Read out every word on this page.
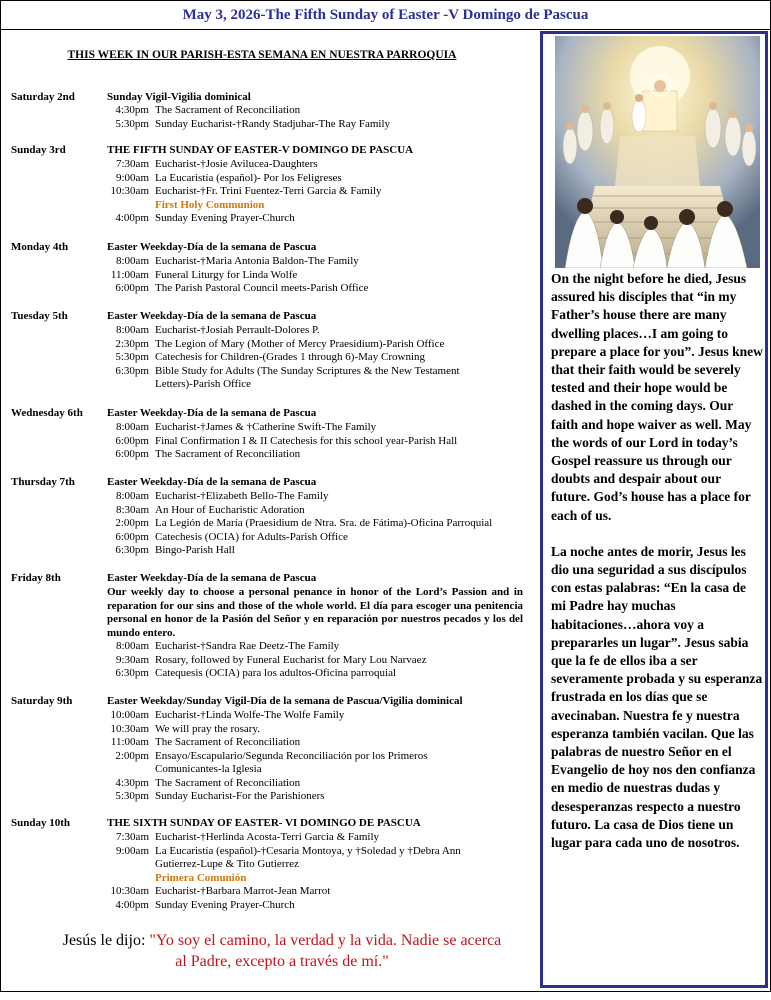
May 3, 2026-The Fifth Sunday of Easter -V Domingo de Pascua
THIS WEEK IN OUR PARISH-ESTA SEMANA EN NUESTRA PARROQUIA
Saturday 2nd	Sunday Vigil-Vigilia dominical
4:30pm The Sacrament of Reconciliation
5:30pm Sunday Eucharist-†Randy Stadjuhar-The Ray Family
Sunday 3rd	THE FIFTH SUNDAY OF EASTER-V DOMINGO DE PASCUA
7:30am Eucharist-†Josie Avilucea-Daughters
9:00am La Eucaristía (español)- Por los Feligreses
10:30am Eucharist-†Fr. Trini Fuentez-Terri Garcia & Family
First Holy Communion
4:00pm Sunday Evening Prayer-Church
Monday 4th	Easter Weekday-Día de la semana de Pascua
8:00am Eucharist-†Maria Antonia Baldon-The Family
11:00am Funeral Liturgy for Linda Wolfe
6:00pm The Parish Pastoral Council meets-Parish Office
Tuesday 5th	Easter Weekday-Día de la semana de Pascua
8:00am Eucharist-†Josiah Perrault-Dolores P.
2:30pm The Legion of Mary (Mother of Mercy Praesidium)-Parish Office
5:30pm Catechesis for Children-(Grades 1 through 6)-May Crowning
6:30pm Bible Study for Adults (The Sunday Scriptures & the New Testament
Letters)-Parish Office
Wednesday 6th	Easter Weekday-Día de la semana de Pascua
8:00am Eucharist-†James & †Catherine Swift-The Family
6:00pm Final Confirmation I & II Catechesis for this school year-Parish Hall
6:00pm The Sacrament of Reconciliation
Thursday 7th	Easter Weekday-Día de la semana de Pascua
8:00am Eucharist-†Elizabeth Bello-The Family
8:30am An Hour of Eucharistic Adoration
2:00pm La Legión de María (Praesidium de Ntra. Sra. de Fátima)-Oficina Parroquial
6:00pm Catechesis (OCIA) for Adults-Parish Office
6:30pm Bingo-Parish Hall
Friday 8th	Easter Weekday-Día de la semana de Pascua
Our weekly day to choose a personal penance in honor of the Lord’s Passion and in reparation for our sins and those of the whole world. El día para escoger una penitencia personal en honor de la Pasión del Señor y en reparación por nuestros pecados y los del mundo entero.
8:00am Eucharist-†Sandra Rae Deetz-The Family
9:30am Rosary, followed by Funeral Eucharist for Mary Lou Narvaez
6:30pm Catequesis (OCIA) para los adultos-Oficina parroquial
Saturday 9th	Easter Weekday/Sunday Vigil-Día de la semana de Pascua/Vigilia dominical
10:00am Eucharist-†Linda Wolfe-The Wolfe Family
10:30am We will pray the rosary.
11:00am The Sacrament of Reconciliation
2:00pm Ensayo/Escapulario/Segunda Reconciliación por los Primeros
Comunicantes-la Iglesia
4:30pm The Sacrament of Reconciliation
5:30pm Sunday Eucharist-For the Parishioners
Sunday 10th	THE SIXTH SUNDAY OF EASTER- VI DOMINGO DE PASCUA
7:30am Eucharist-†Herlinda Acosta-Terri Garcia & Family
9:00am La Eucaristía (español)-†Cesaria Montoya, y †Soledad y †Debra Ann
Gutierrez-Lupe & Tito Gutierrez
Primera Comunión
10:30am Eucharist-†Barbara Marrot-Jean Marrot
4:00pm Sunday Evening Prayer-Church
Jesús le dijo: "Yo soy el camino, la verdad y la vida. Nadie se acerca al Padre, excepto a través de mí."

On the night before he died, Jesus assured his disciples that “in my Father’s house there are many dwelling places…I am going to prepare a place for you”. Jesus knew that their faith would be severely tested and their hope would be dashed in the coming days. Our faith and hope waiver as well. May the words of our Lord in today’s Gospel reassure us through our doubts and despair about our future. God’s house has a place for each of us.

La noche antes de morir, Jesus les dio una seguridad a sus discípulos con estas palabras: “En la casa de mi Padre hay muchas habitaciones…ahora voy a prepararles un lugar”. Jesus sabia que la fe de ellos iba a ser severamente probada y su esperanza frustrada en los días que se avecinaban. Nuestra fe y nuestra esperanza también vacilan. Que las palabras de nuestro Señor en el Evangelio de hoy nos den confianza en medio de nuestras dudas y desesperanzas respecto a nuestro futuro. La casa de Dios tiene un lugar para cada uno de nosotros.
